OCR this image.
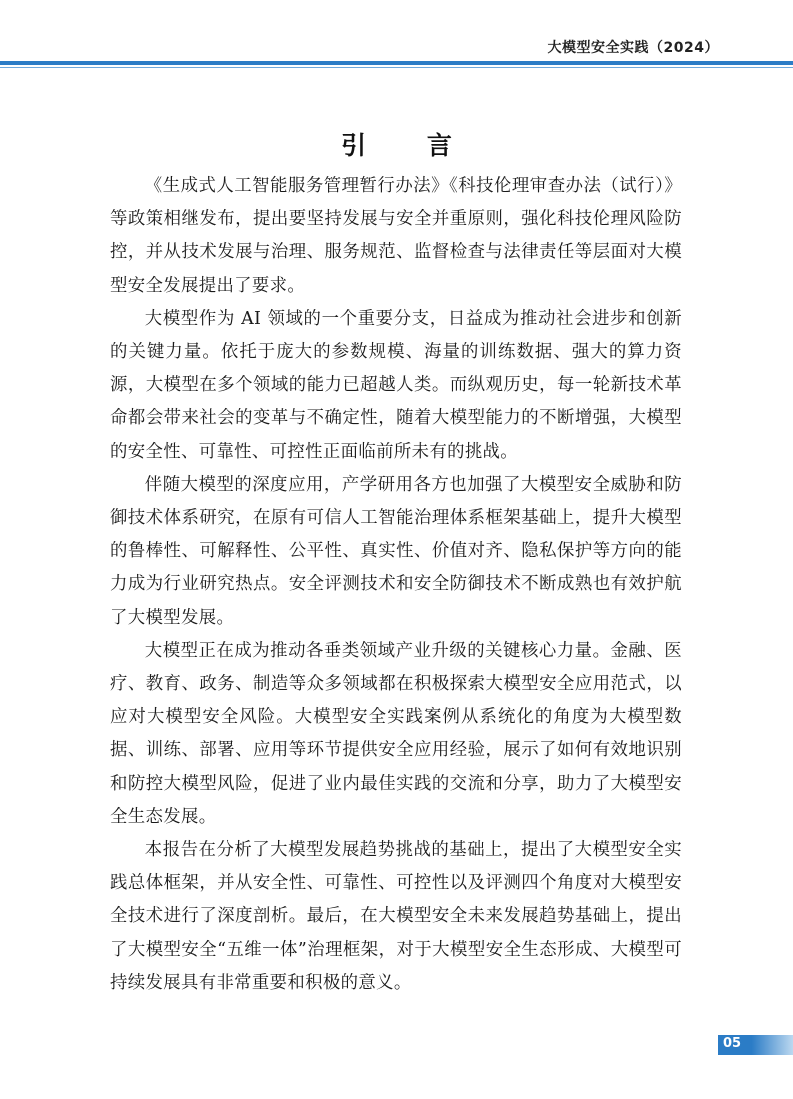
大模型安全实践（2024）
引 言

《生成式人工智能服务管理暂行办法》《科技伦理审查办法（试行）》等政策相继发布，提出要坚持发展与安全并重原则，强化科技伦理风险防控，并从技术发展与治理、服务规范、监督检查与法律责任等层面对大模型安全发展提出了要求。

大模型作为 AI 领域的一个重要分支，日益成为推动社会进步和创新的关键力量。依托于庞大的参数规模、海量的训练数据、强大的算力资源，大模型在多个领域的能力已超越人类。而纵观历史，每一轮新技术革命都会带来社会的变革与不确定性，随着大模型能力的不断增强，大模型的安全性、可靠性、可控性正面临前所未有的挑战。

伴随大模型的深度应用，产学研用各方也加强了大模型安全威胁和防御技术体系研究，在原有可信人工智能治理体系框架基础上，提升大模型的鲁棒性、可解释性、公平性、真实性、价值对齐、隐私保护等方向的能力成为行业研究热点。安全评测技术和安全防御技术不断成熟也有效护航了大模型发展。

大模型正在成为推动各垂类领域产业升级的关键核心力量。金融、医疗、教育、政务、制造等众多领域都在积极探索大模型安全应用范式，以应对大模型安全风险。大模型安全实践案例从系统化的角度为大模型数据、训练、部署、应用等环节提供安全应用经验，展示了如何有效地识别和防控大模型风险，促进了业内最佳实践的交流和分享，助力了大模型安全生态发展。

本报告在分析了大模型发展趋势挑战的基础上，提出了大模型安全实践总体框架，并从安全性、可靠性、可控性以及评测四个角度对大模型安全技术进行了深度剖析。最后，在大模型安全未来发展趋势基础上，提出了大模型安全“五维一体”治理框架，对于大模型安全生态形成、大模型可持续发展具有非常重要和积极的意义。

05
